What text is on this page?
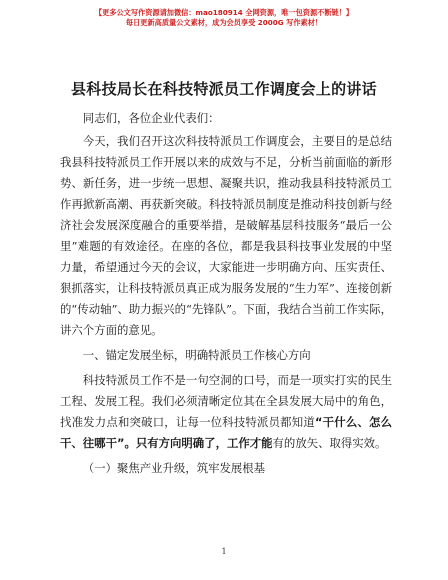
【更多公文写作资源请加微信：mao180914 全网资源，唯一包资源不断链！】
每日更新高质量公文素材，成为会员享受 2000G 写作素材！
县科技局长在科技特派员工作调度会上的讲话

同志们，各位企业代表们：

今天，我们召开这次科技特派员工作调度会，主要目的是总结我县科技特派员工作开展以来的成效与不足，分析当前面临的新形势、新任务，进一步统一思想、凝聚共识，推动我县科技特派员工作再掀新高潮、再获新突破。科技特派员制度是推动科技创新与经济社会发展深度融合的重要举措，是破解基层科技服务“最后一公里”难题的有效途径。在座的各位，都是我县科技事业发展的中坚力量，希望通过今天的会议，大家能进一步明确方向、压实责任、狠抓落实，让科技特派员真正成为服务发展的“生力军”、连接创新的“传动轴”、助力振兴的“先锋队”。下面，我结合当前工作实际，讲六个方面的意见。

一、锚定发展坐标，明确特派员工作核心方向

科技特派员工作不是一句空洞的口号，而是一项实打实的民生工程、发展工程。我们必须清晰定位其在全县发展大局中的角色，找准发力点和突破口，让每一位科技特派员都知道“干什么、怎么干、往哪干”。只有方向明确了，工作才能有的放矢、取得实效。

（一）聚焦产业升级，筑牢发展根基

1
